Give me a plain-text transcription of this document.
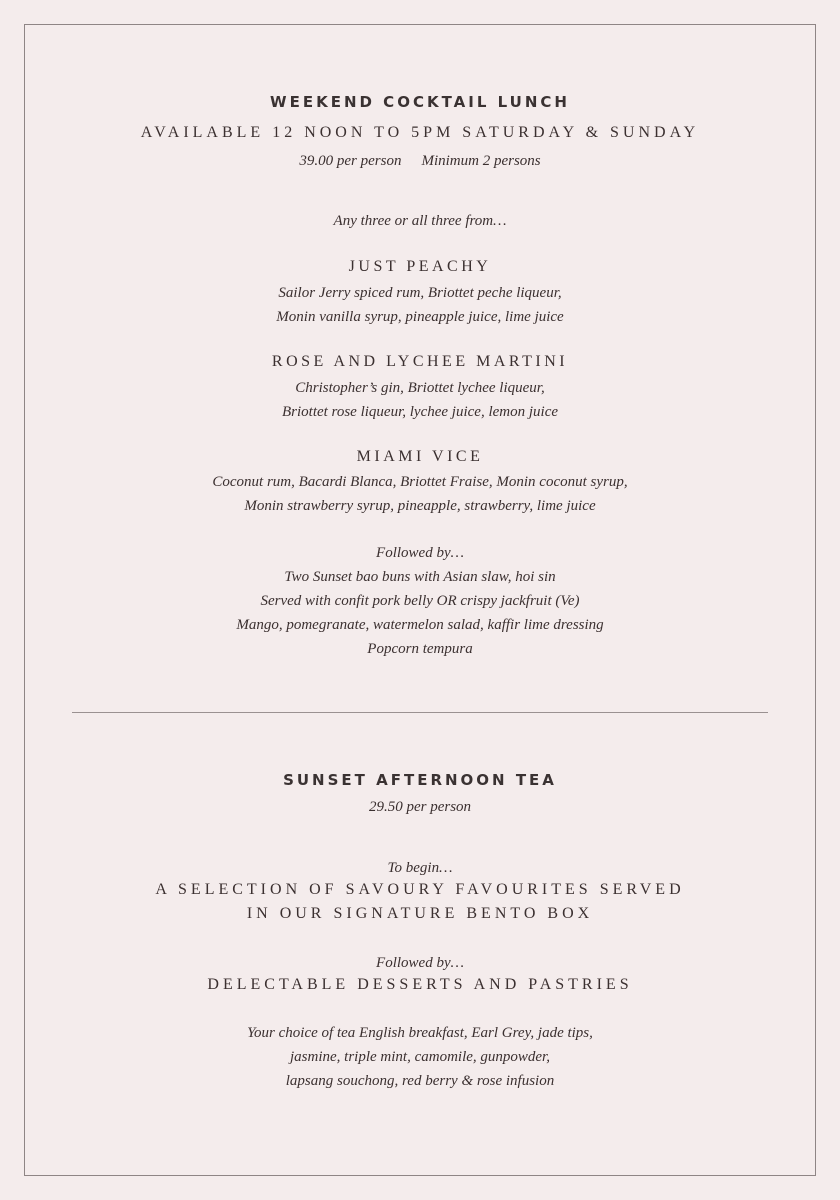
WEEKEND COCKTAIL LUNCH
AVAILABLE 12 NOON TO 5PM SATURDAY & SUNDAY
39.00 per person Minimum 2 persons
Any three or all three from…
JUST PEACHY
Sailor Jerry spiced rum, Briottet peche liqueur,
Monin vanilla syrup, pineapple juice, lime juice
ROSE AND LYCHEE MARTINI
Christopher’s gin, Briottet lychee liqueur,
Briottet rose liqueur, lychee juice, lemon juice
MIAMI VICE
Coconut rum, Bacardi Blanca, Briottet Fraise, Monin coconut syrup,
Monin strawberry syrup, pineapple, strawberry, lime juice
Followed by…
Two Sunset bao buns with Asian slaw, hoi sin
Served with confit pork belly OR crispy jackfruit (Ve)
Mango, pomegranate, watermelon salad, kaffir lime dressing
Popcorn tempura
SUNSET AFTERNOON TEA
29.50 per person
To begin…
A SELECTION OF SAVOURY FAVOURITES SERVED
IN OUR SIGNATURE BENTO BOX
Followed by…
DELECTABLE DESSERTS AND PASTRIES
Your choice of tea English breakfast, Earl Grey, jade tips,
jasmine, triple mint, camomile, gunpowder,
lapsang souchong, red berry & rose infusion
